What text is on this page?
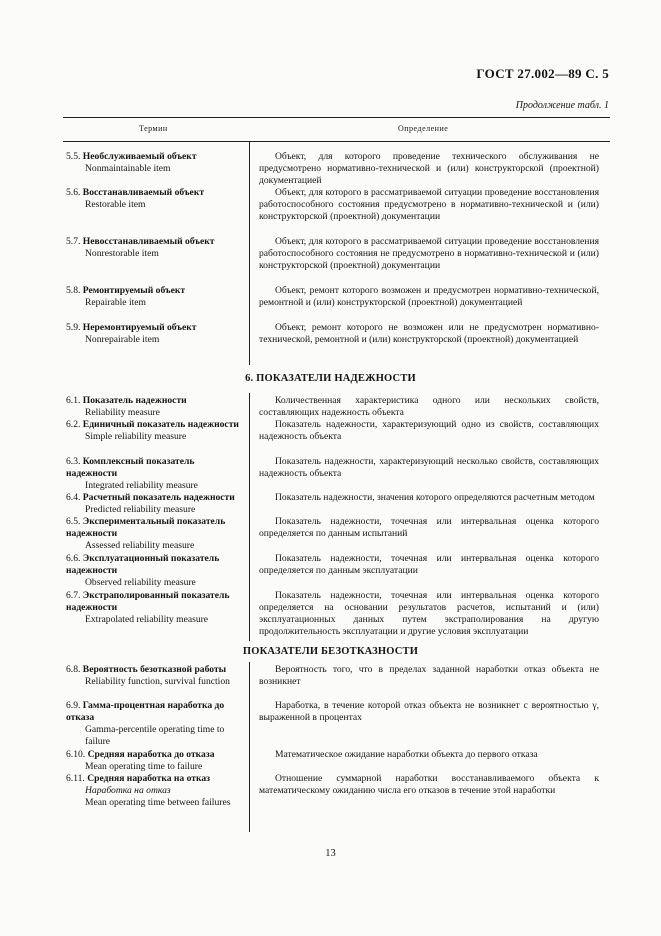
ГОСТ 27.002—89 С. 5
Продолжение табл. 1
Термин	Определение
5.5. Необслуживаемый объект
Nonmaintainable item
Объект, для которого проведение технического обслуживания не предусмотрено нормативно-технической и (или) конструкторской (проектной) документацией
5.6. Восстанавливаемый объект
Restorable item
Объект, для которого в рассматриваемой ситуации проведение восстановления работоспособного состояния предусмотрено в нормативно-технической и (или) конструкторской (проектной) документации
5.7. Невосстанавливаемый объект
Nonrestorable item
Объект, для которого в рассматриваемой ситуации проведение восстановления работоспособного состояния не предусмотрено в нормативно-технической и (или) конструкторской (проектной) документации
5.8. Ремонтируемый объект
Repairable item
Объект, ремонт которого возможен и предусмотрен нормативно-технической, ремонтной и (или) конструкторской (проектной) документацией
5.9. Неремонтируемый объект
Nonrepairable item
Объект, ремонт которого не возможен или не предусмотрен нормативно-технической, ремонтной и (или) конструкторской (проектной) документацией
6. ПОКАЗАТЕЛИ НАДЕЖНОСТИ
6.1. Показатель надежности
Reliability measure
Количественная характеристика одного или нескольких свойств, составляющих надежность объекта
6.2. Единичный показатель надежности
Simple reliability measure
Показатель надежности, характеризующий одно из свойств, составляющих надежность объекта
6.3. Комплексный показатель надежности
Integrated reliability measure
Показатель надежности, характеризующий несколько свойств, составляющих надежность объекта
6.4. Расчетный показатель надежности
Predicted reliability measure
Показатель надежности, значения которого определяются расчетным методом
6.5. Экспериментальный показатель надежности
Assessed reliability measure
Показатель надежности, точечная или интервальная оценка которого определяется по данным испытаний
6.6. Эксплуатационный показатель надежности
Observed reliability measure
Показатель надежности, точечная или интервальная оценка которого определяется по данным эксплуатации
6.7. Экстраполированный показатель надежности
Extrapolated reliability measure
Показатель надежности, точечная или интервальная оценка которого определяется на основании результатов расчетов, испытаний и (или) эксплуатационных данных путем экстраполирования на другую продолжительность эксплуатации и другие условия эксплуатации
ПОКАЗАТЕЛИ БЕЗОТКАЗНОСТИ
6.8. Вероятность безотказной работы
Reliability function, survival function
Вероятность того, что в пределах заданной наработки отказ объекта не возникнет
6.9. Гамма-процентная наработка до отказа
Gamma-percentile operating time to failure
Наработка, в течение которой отказ объекта не возникнет с вероятностью γ, выраженной в процентах
6.10. Средняя наработка до отказа
Mean operating time to failure
Математическое ожидание наработки объекта до первого отказа
6.11. Средняя наработка на отказ
Наработка на отказ
Mean operating time between failures
Отношение суммарной наработки восстанавливаемого объекта к математическому ожиданию числа его отказов в течение этой наработки
13
